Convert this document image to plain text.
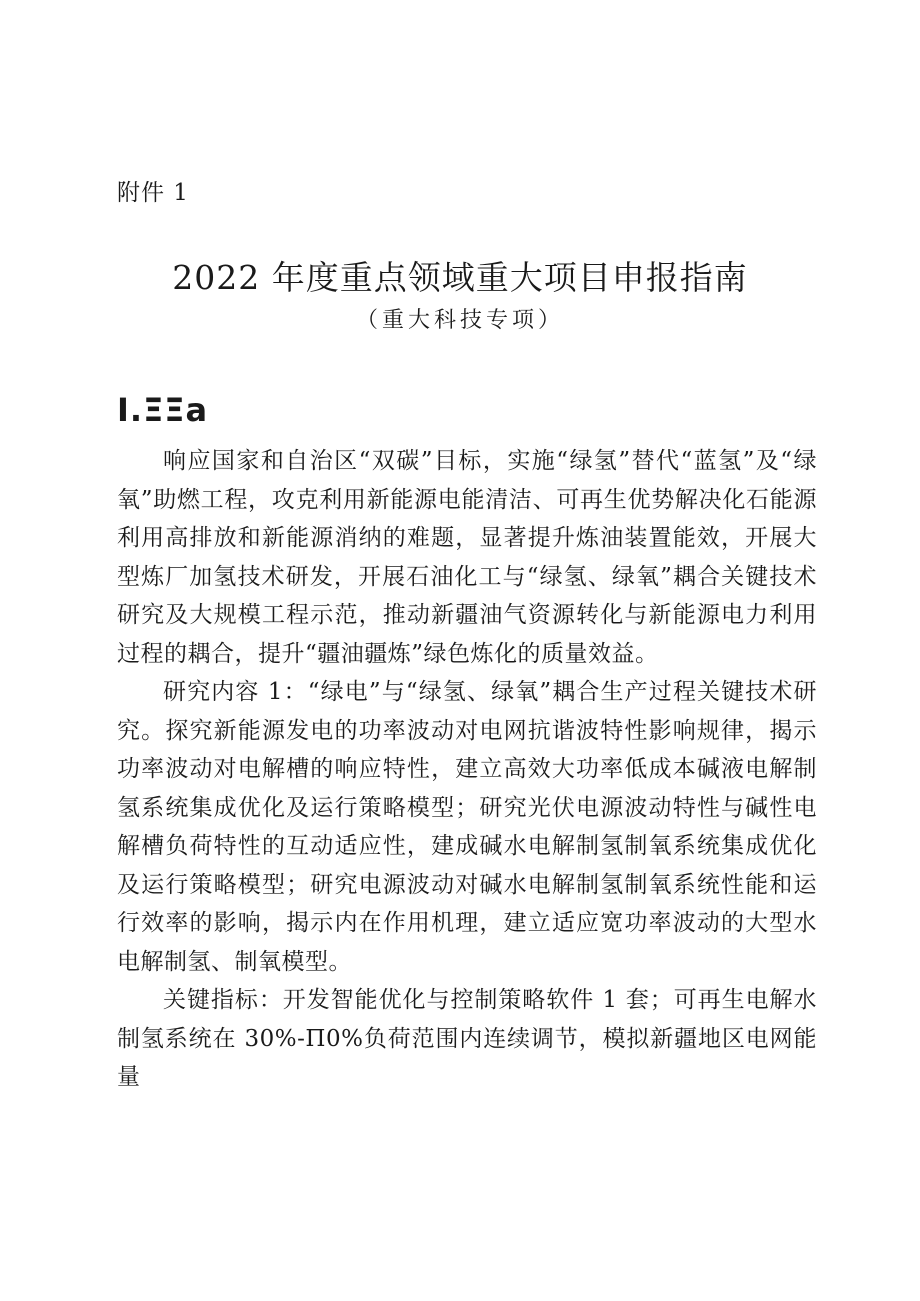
附件 1
2022 年度重点领域重大项目申报指南
（重大科技专项）
I.ΞΞa

响应国家和自治区“双碳”目标，实施“绿氢”替代“蓝氢”及“绿氧”助燃工程，攻克利用新能源电能清洁、可再生优势解决化石能源利用高排放和新能源消纳的难题，显著提升炼油装置能效，开展大型炼厂加氢技术研发，开展石油化工与“绿氢、绿氧”耦合关键技术研究及大规模工程示范，推动新疆油气资源转化与新能源电力利用过程的耦合，提升“疆油疆炼”绿色炼化的质量效益。

研究内容 1：“绿电”与“绿氢、绿氧”耦合生产过程关键技术研究。探究新能源发电的功率波动对电网抗谐波特性影响规律，揭示功率波动对电解槽的响应特性，建立高效大功率低成本碱液电解制氢系统集成优化及运行策略模型；研究光伏电源波动特性与碱性电解槽负荷特性的互动适应性，建成碱水电解制氢制氧系统集成优化及运行策略模型；研究电源波动对碱水电解制氢制氧系统性能和运行效率的影响，揭示内在作用机理，建立适应宽功率波动的大型水电解制氢、制氧模型。

关键指标：开发智能优化与控制策略软件 1 套；可再生电解水制氢系统在 30%-Π0%负荷范围内连续调节，模拟新疆地区电网能量
